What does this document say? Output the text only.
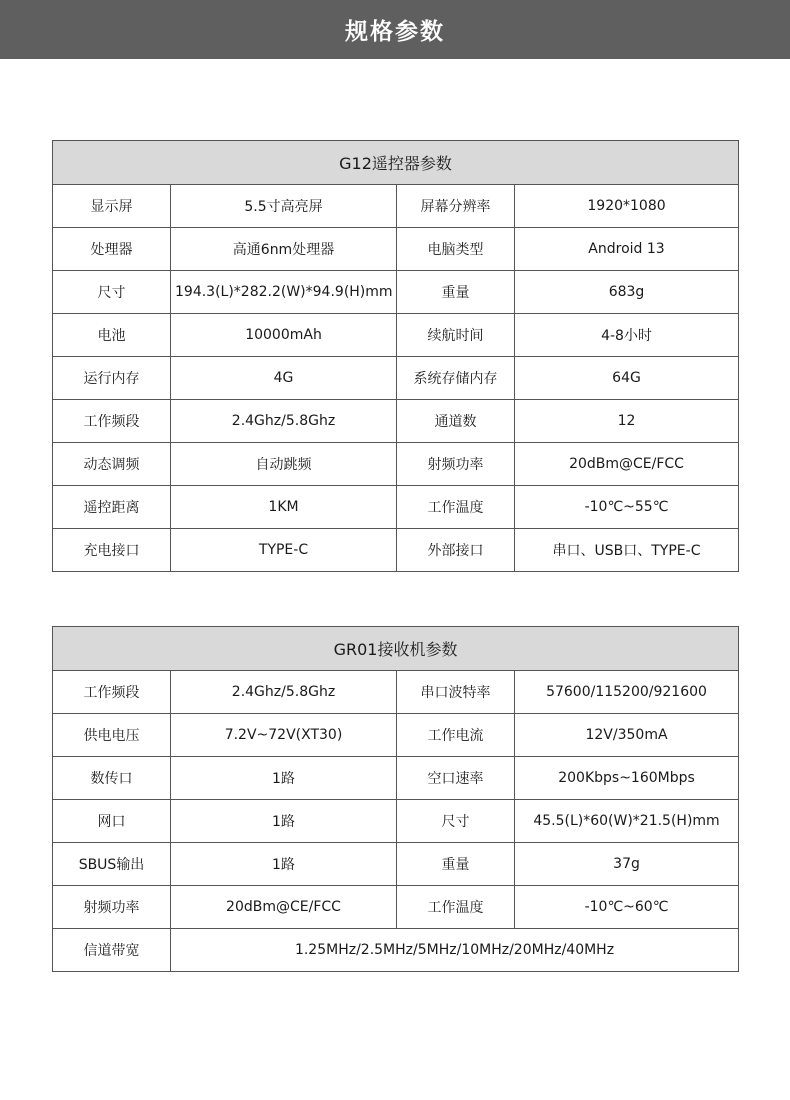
规格参数
G12遥控器参数			
显示屏	5.5寸高亮屏	屏幕分辨率	1920*1080
处理器	高通6nm处理器	电脑类型	Android 13
尺寸	194.3(L)*282.2(W)*94.9(H)mm	重量	683g
电池	10000mAh	续航时间	4-8小时
运行内存	4G	系统存储内存	64G
工作频段	2.4Ghz/5.8Ghz	通道数	12
动态调频	自动跳频	射频功率	20dBm@CE/FCC
遥控距离	1KM	工作温度	-10℃~55℃
充电接口	TYPE-C	外部接口	串口、USB口、TYPE-C
GR01接收机参数			
工作频段	2.4Ghz/5.8Ghz	串口波特率	57600/115200/921600
供电电压	7.2V~72V(XT30)	工作电流	12V/350mA
数传口	1路	空口速率	200Kbps~160Mbps
网口	1路	尺寸	45.5(L)*60(W)*21.5(H)mm
SBUS输出	1路	重量	37g
射频功率	20dBm@CE/FCC	工作温度	-10℃~60℃
信道带宽	1.25MHz/2.5MHz/5MHz/10MHz/20MHz/40MHz		
